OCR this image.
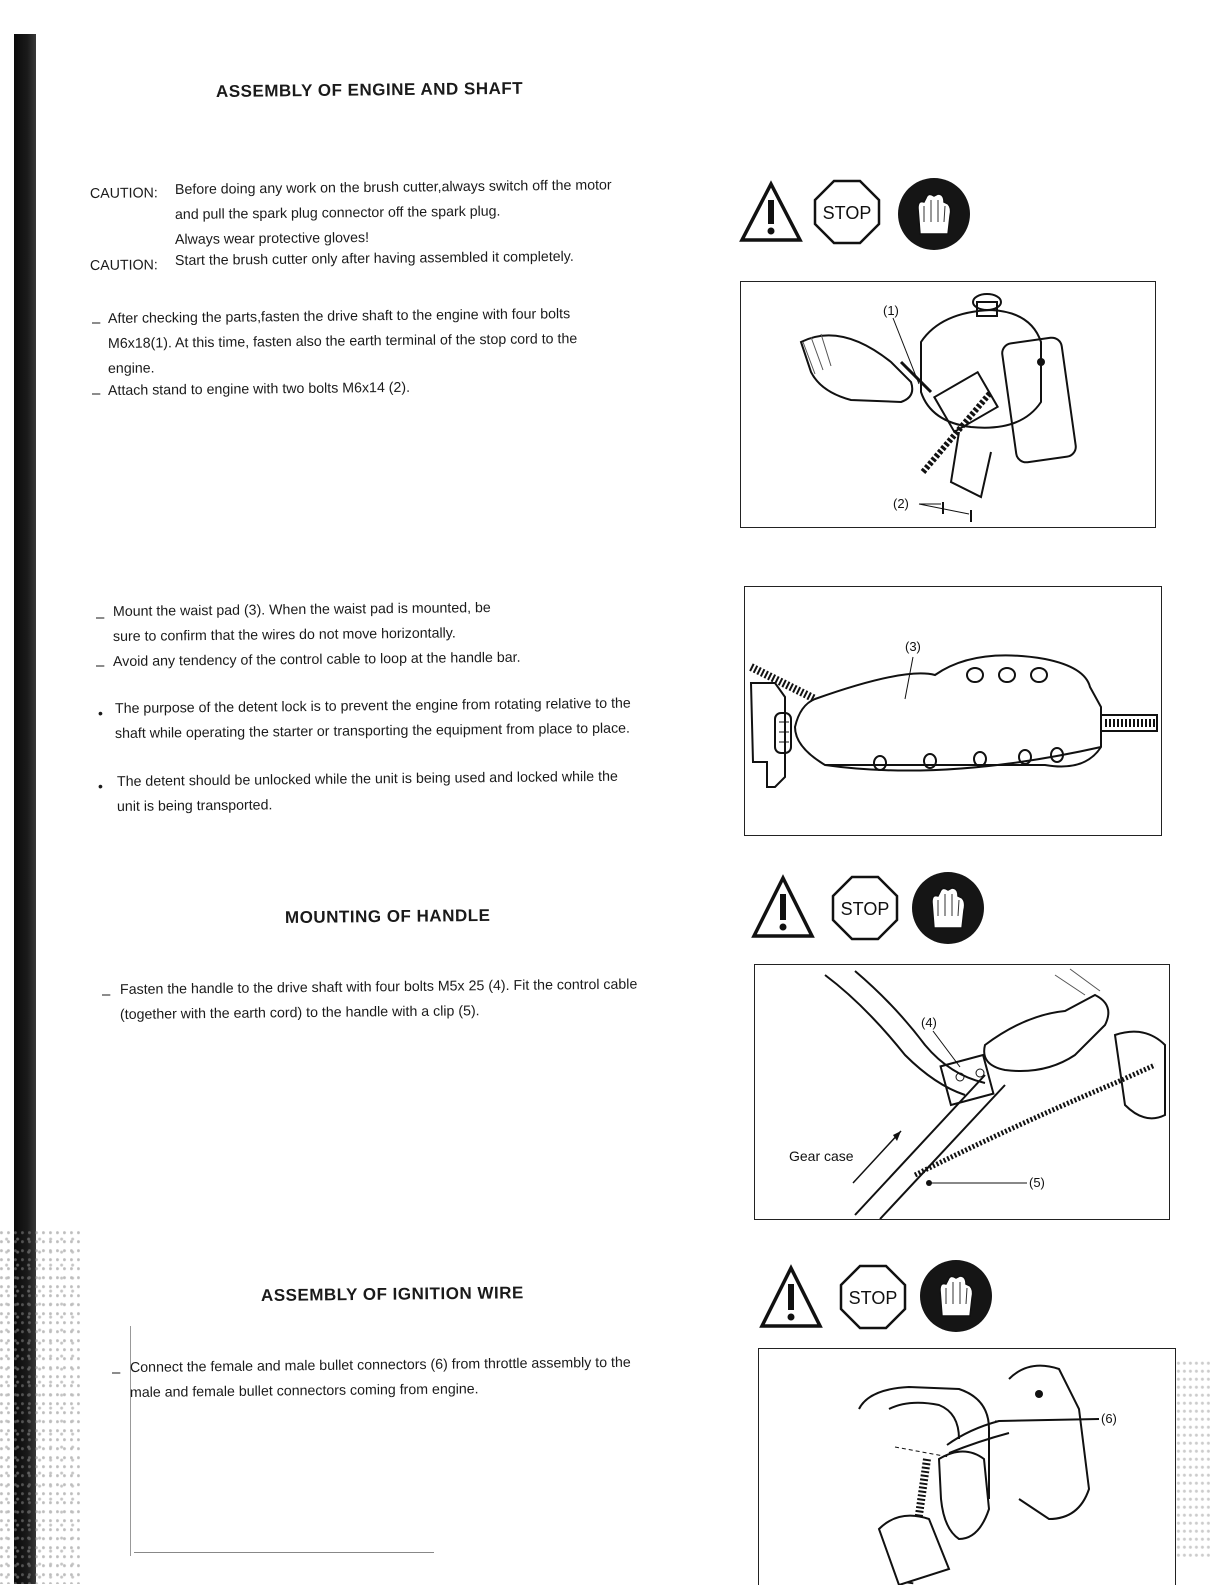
ASSEMBLY OF ENGINE AND SHAFT
CAUTION: Before doing any work on the brush cutter,always switch off the motor
and pull the spark plug connector off the spark plug.
Always wear protective gloves!
CAUTION: Start the brush cutter only after having assembled it completely.
– After checking the parts,fasten the drive shaft to the engine with four bolts
M6x18(1). At this time, fasten also the earth terminal of the stop cord to the
engine.
– Attach stand to engine with two bolts M6x14 (2).
STOP
(1)
(2)
– Mount the waist pad (3). When the waist pad is mounted, be
sure to confirm that the wires do not move horizontally.
– Avoid any tendency of the control cable to loop at the handle bar.
• The purpose of the detent lock is to prevent the engine from rotating relative to the
shaft while operating the starter or transporting the equipment from place to place.
• The detent should be unlocked while the unit is being used and locked while the
unit is being transported.
(3)
MOUNTING OF HANDLE	STOP
– Fasten the handle to the drive shaft with four bolts M5x 25 (4). Fit the control cable
(together with the earth cord) to the handle with a clip (5).
Gear case
(4)
(5)
ASSEMBLY OF IGNITION WIRE	STOP
– Connect the female and male bullet connectors (6) from throttle assembly to the
male and female bullet connectors coming from engine.
(6)
